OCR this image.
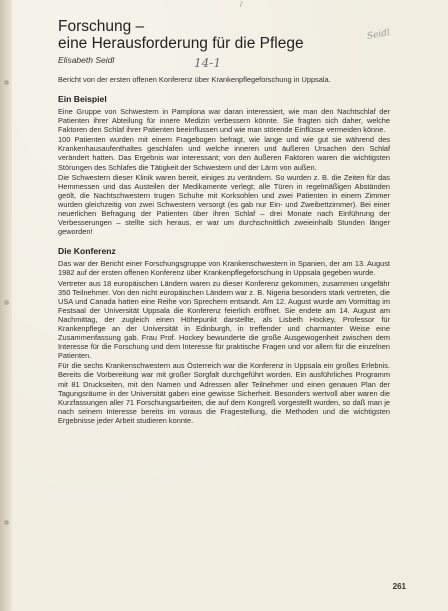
/
Seidl
14-1
Forschung –
eine Herausforderung für die Pflege
Elisabeth Seidl

Bericht von der ersten offenen Konferenz über Krankenpflegeforschung in Uppsala.

Ein Beispiel

Eine Gruppe von Schwestern in Pamplona war daran interessiert, wie man den Nachtschlaf der Patienten ihrer Abteilung für innere Medizin verbessern könnte. Sie fragten sich daher, welche Faktoren den Schlaf ihrer Patienten beeinflussen und wie man störende Einflüsse vermeiden könne.

100 Patienten wurden mit einem Fragebogen befragt, wie lange und wie gut sie während des Krankenhausaufenthaltes geschlafen und welche inneren und äußeren Ursachen den Schlaf verändert hatten. Das Ergebnis war interessant; von den äußeren Faktoren waren die wichtigsten Störungen des Schlafes die Tätigkeit der Schwestern und der Lärm von außen.

Die Schwestern dieser Klinik waren bereit, einiges zu verändern. So wurden z. B. die Zeiten für das Hemmessen und das Austeilen der Medikamente verlegt; alle Türen in regelmäßigen Abständen geölt, die Nachtschwestern trugen Schuhe mit Korksohlen und zwei Patienten in einem Zimmer wurden gleichzeitig von zwei Schwestern versorgt (es gab nur Ein- und Zweibettzimmer). Bei einer neuerlichen Befragung der Patienten über ihren Schlaf – drei Monate nach Einführung der Verbesserungen – stellte sich heraus, er war um durchschnittlich zweieinhalb Stunden länger geworden!

Die Konferenz

Das war der Bericht einer Forschungsgruppe von Krankenschwestern in Spanien, der am 13. August 1982 auf der ersten offenen Konferenz über Krankenpflegeforschung in Uppsala gegeben wurde.

Vertreter aus 18 europäischen Ländern waren zu dieser Konferenz gekommen, zusammen ungefähr 350 Teilnehmer. Von den nicht europäischen Ländern war z. B. Nigeria besonders stark vertreten, die USA und Canada hatten eine Reihe von Sprechern entsandt. Am 12. August wurde am Vormittag im Festsaal der Universität Uppsala die Konferenz feierlich eröffnet. Sie endete am 14. August am Nachmittag, der zugleich einen Höhepunkt darstellte, als Lisbeth Hockey, Professor für Krankenpflege an der Universität in Edinburgh, in treffender und charmanter Weise eine Zusammenfassung gab. Frau Prof. Hockey bewunderte die große Ausgewogenheit zwischen dem Interesse für die Forschung und dem Interesse für praktische Fragen und vor allem für die einzelnen Patienten.

Für die sechs Krankenschwestern aus Österreich war die Konferenz in Uppsala ein großes Erlebnis. Bereits die Vorbereitung war mit großer Sorgfalt durchgeführt worden. Ein ausführliches Programm mit 81 Druckseiten, mit den Namen und Adressen aller Teilnehmer und einen genauen Plan der Tagungsräume in der Universität gaben eine gewisse Sicherheit. Besonders wertvoll aber waren die Kurzfassungen aller 71 Forschungsarbeiten, die auf dem Kongreß vorgestellt wurden, so daß man je nach seinem Interesse bereits im voraus die Fragestellung, die Methoden und die wichtigsten Ergebnisse jeder Arbeit studieren konnte.

261
